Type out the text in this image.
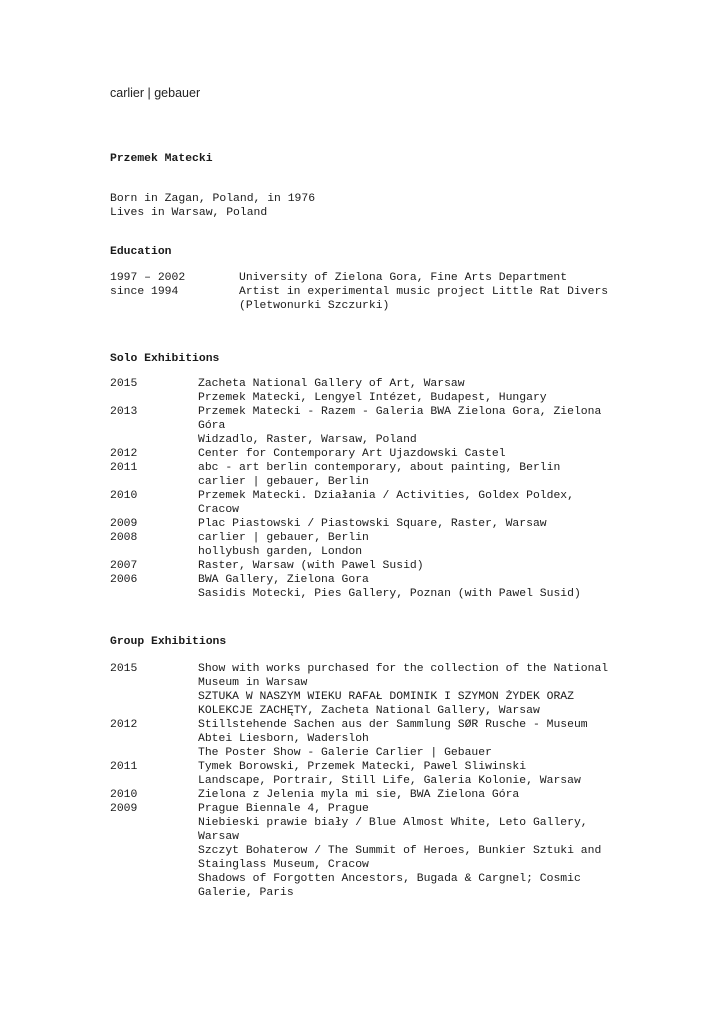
carlier | gebauer
Przemek Matecki
Born in Zagan, Poland, in 1976
Lives in Warsaw, Poland
Education
1997 – 2002	University of Zielona Gora, Fine Arts Department
since 1994	Artist in experimental music project Little Rat Divers
(Pletwonurki Szczurki)
Solo Exhibitions
2015	Zacheta National Gallery of Art, Warsaw
Przemek Matecki, Lengyel Intézet, Budapest, Hungary
2013	Przemek Matecki - Razem - Galeria BWA Zielona Gora, Zielona
Góra
Widzadlo, Raster, Warsaw, Poland
2012	Center for Contemporary Art Ujazdowski Castel
2011	abc - art berlin contemporary, about painting, Berlin
carlier | gebauer, Berlin
2010	Przemek Matecki. Działania / Activities, Goldex Poldex,
Cracow
2009	Plac Piastowski / Piastowski Square, Raster, Warsaw
2008	carlier | gebauer, Berlin
hollybush garden, London
2007	Raster, Warsaw (with Pawel Susid)
2006	BWA Gallery, Zielona Gora
Sasidis Motecki, Pies Gallery, Poznan (with Pawel Susid)
Group Exhibitions
2015	Show with works purchased for the collection of the National
Museum in Warsaw
SZTUKA W NASZYM WIEKU RAFAŁ DOMINIK I SZYMON ŻYDEK ORAZ
KOLEKCJE ZACHĘTY, Zacheta National Gallery, Warsaw
2012	Stillstehende Sachen aus der Sammlung SØR Rusche - Museum
Abtei Liesborn, Wadersloh
The Poster Show - Galerie Carlier | Gebauer
2011	Tymek Borowski, Przemek Matecki, Pawel Sliwinski
Landscape, Portrair, Still Life, Galeria Kolonie, Warsaw
2010	Zielona z Jelenia myla mi sie, BWA Zielona Góra
2009	Prague Biennale 4, Prague
Niebieski prawie biały / Blue Almost White, Leto Gallery,
Warsaw
Szczyt Bohaterow / The Summit of Heroes, Bunkier Sztuki and
Stainglass Museum, Cracow
Shadows of Forgotten Ancestors, Bugada & Cargnel; Cosmic
Galerie, Paris
